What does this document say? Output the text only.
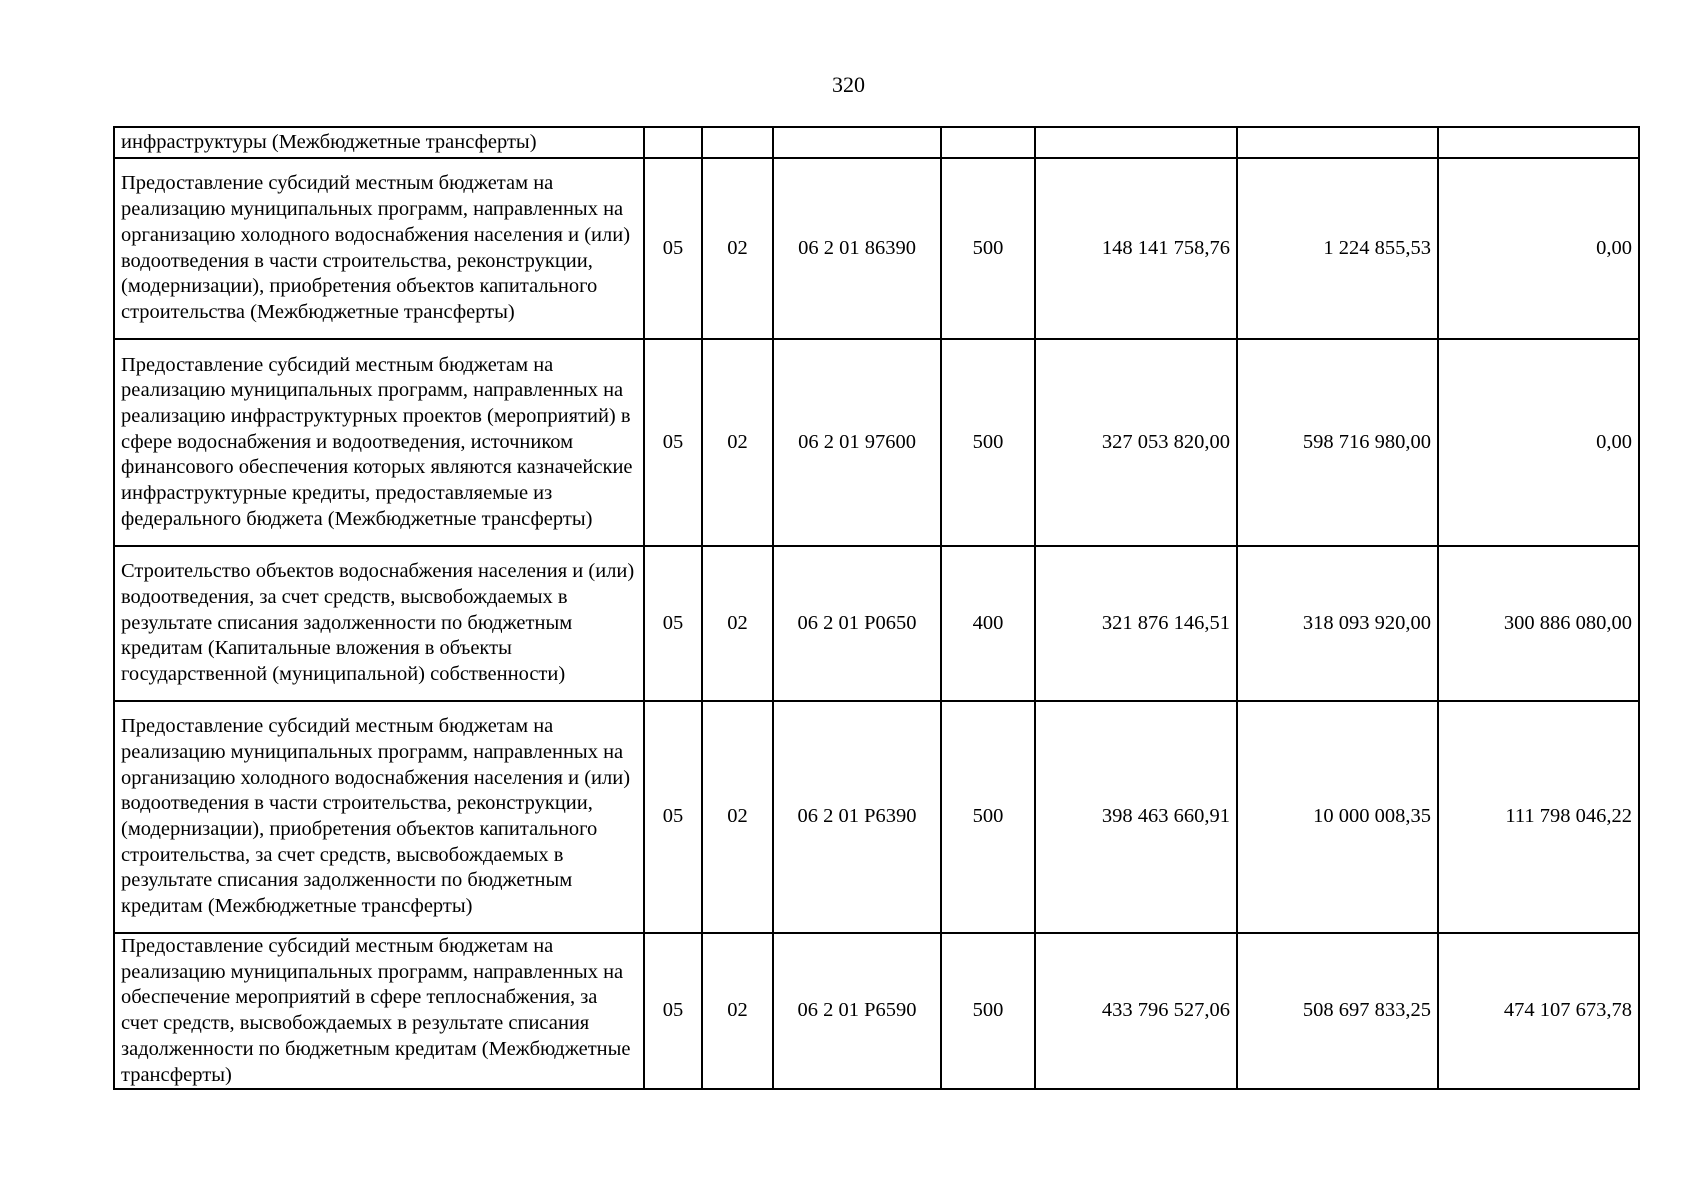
320
инфраструктуры (Межбюджетные трансферты)							
Предоставление субсидий местным бюджетам на реализацию муниципальных программ, направленных на организацию холодного водоснабжения населения и (или) водоотведения в части строительства, реконструкции, (модернизации), приобретения объектов капитального строительства (Межбюджетные трансферты)	05	02	06 2 01 86390	500	148 141 758,76	1 224 855,53	0,00
Предоставление субсидий местным бюджетам на реализацию муниципальных программ, направленных на реализацию инфраструктурных проектов (мероприятий) в сфере водоснабжения и водоотведения, источником финансового обеспечения которых являются казначейские инфраструктурные кредиты, предоставляемые из федерального бюджета (Межбюджетные трансферты)	05	02	06 2 01 97600	500	327 053 820,00	598 716 980,00	0,00
Строительство объектов водоснабжения населения и (или) водоотведения, за счет средств, высвобождаемых в результате списания задолженности по бюджетным кредитам (Капитальные вложения в объекты государственной (муниципальной) собственности)	05	02	06 2 01 P0650	400	321 876 146,51	318 093 920,00	300 886 080,00
Предоставление субсидий местным бюджетам на реализацию муниципальных программ, направленных на организацию холодного водоснабжения населения и (или) водоотведения в части строительства, реконструкции, (модернизации), приобретения объектов капитального строительства, за счет средств, высвобождаемых в результате списания задолженности по бюджетным кредитам (Межбюджетные трансферты)	05	02	06 2 01 P6390	500	398 463 660,91	10 000 008,35	111 798 046,22
Предоставление субсидий местным бюджетам на реализацию муниципальных программ, направленных на обеспечение мероприятий в сфере теплоснабжения, за счет средств, высвобождаемых в результате списания задолженности по бюджетным кредитам (Межбюджетные трансферты)	05	02	06 2 01 P6590	500	433 796 527,06	508 697 833,25	474 107 673,78
